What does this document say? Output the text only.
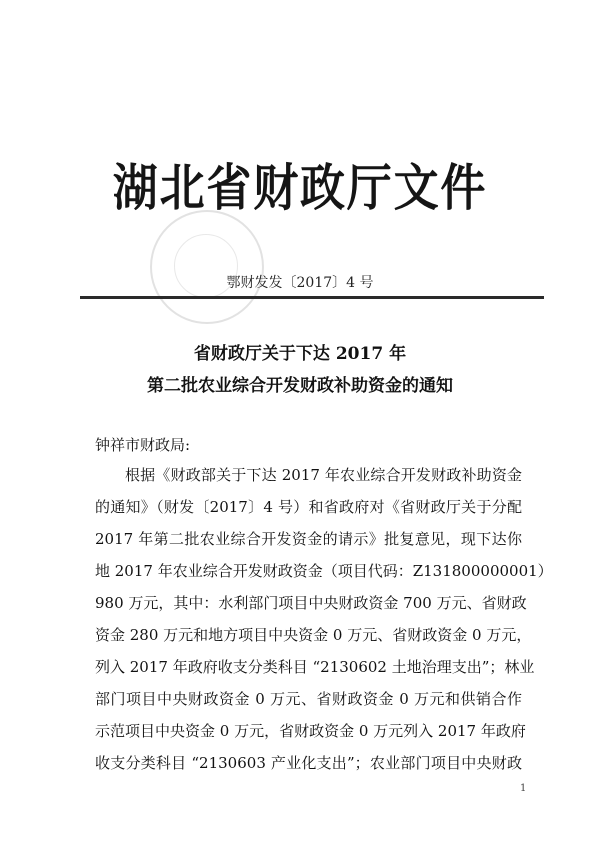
湖北省财政厅文件
鄂财发发〔2017〕4 号
省财政厅关于下达 2017 年
第二批农业综合开发财政补助资金的通知
钟祥市财政局:
根据《财政部关于下达 2017 年农业综合开发财政补助资金
的通知》（财发〔2017〕4 号）和省政府对《省财政厅关于分配
2017 年第二批农业综合开发资金的请示》批复意见，现下达你
地 2017 年农业综合开发财政资金（项目代码：Z131800000001）
980 万元，其中：水利部门项目中央财政资金 700 万元、省财政
资金 280 万元和地方项目中央资金 0 万元、省财政资金 0 万元，
列入 2017 年政府收支分类科目 “2130602 土地治理支出”；林业
部门项目中央财政资金 0 万元、省财政资金 0 万元和供销合作
示范项目中央资金 0 万元，省财政资金 0 万元列入 2017 年政府
收支分类科目 “2130603 产业化支出”；农业部门项目中央财政
1
